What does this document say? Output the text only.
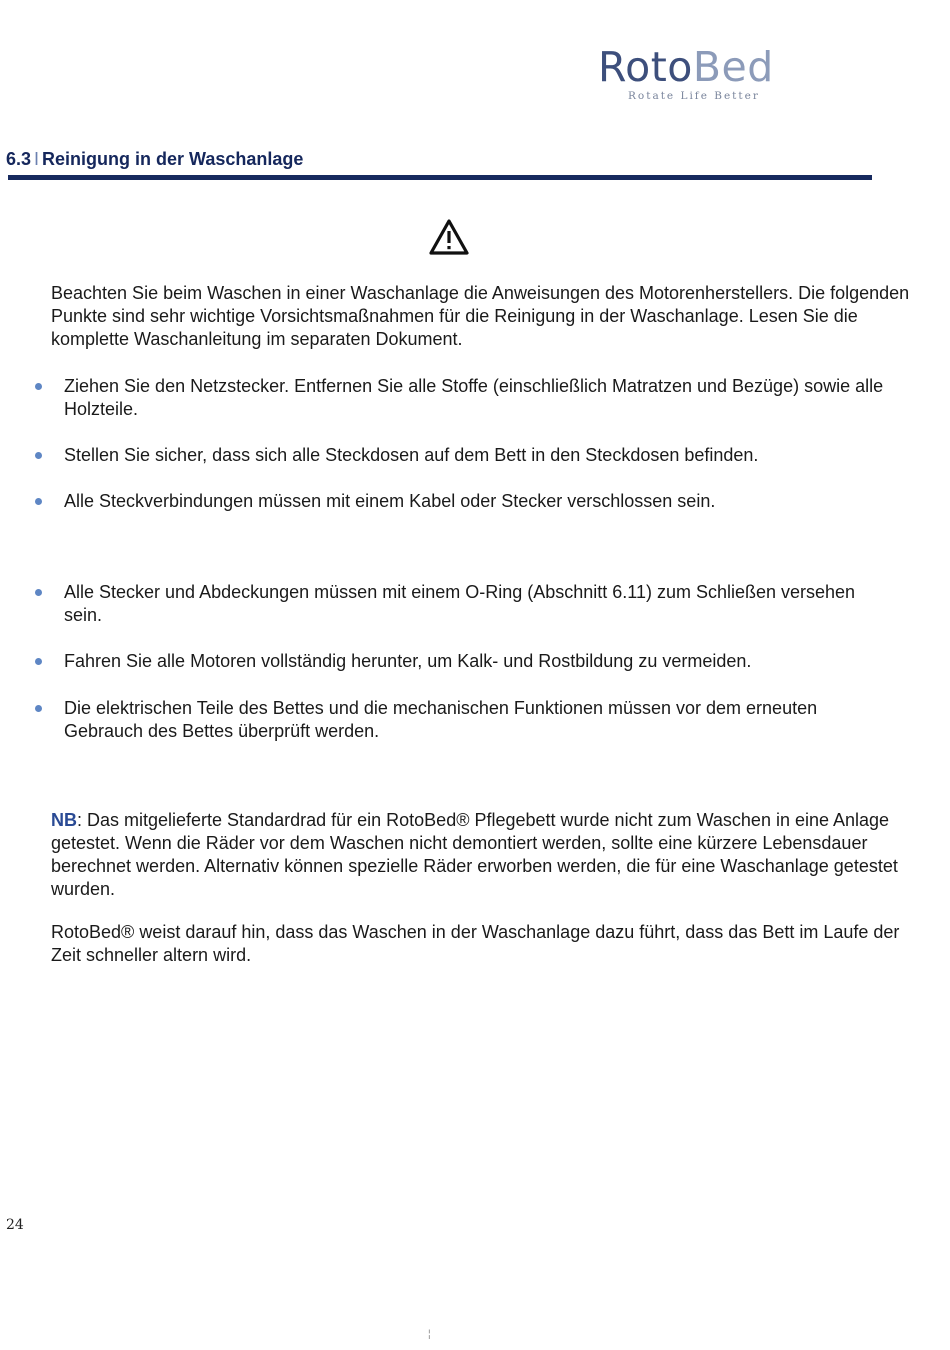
RotoBed
Rotate Life Better
6.3 I Reinigung in der Waschanlage

Beachten Sie beim Waschen in einer Waschanlage die Anweisungen des Motorenherstellers. Die folgenden Punkte sind sehr wichtige Vorsichtsmaßnahmen für die Reinigung in der Waschanlage. Lesen Sie die komplette Waschanleitung im separaten Dokument.

Ziehen Sie den Netzstecker. Entfernen Sie alle Stoffe (einschließlich Matratzen und Bezüge) sowie alle Holzteile.
Stellen Sie sicher, dass sich alle Steckdosen auf dem Bett in den Steckdosen befinden.
Alle Steckverbindungen müssen mit einem Kabel oder Stecker verschlossen sein.
Alle Stecker und Abdeckungen müssen mit einem O-Ring (Abschnitt 6.11) zum Schließen versehen sein.
Fahren Sie alle Motoren vollständig herunter, um Kalk- und Rostbildung zu vermeiden.
Die elektrischen Teile des Bettes und die mechanischen Funktionen müssen vor dem erneuten Gebrauch des Bettes überprüft werden.

NB: Das mitgelieferte Standardrad für ein RotoBed® Pflegebett wurde nicht zum Waschen in eine Anlage getestet. Wenn die Räder vor dem Waschen nicht demontiert werden, sollte eine kürzere Lebensdauer berechnet werden. Alternativ können spezielle Räder erworben werden, die für eine Waschanlage getestet wurden.

RotoBed® weist darauf hin, dass das Waschen in der Waschanlage dazu führt, dass das Bett im Laufe der Zeit schneller altern wird.

24
¦
